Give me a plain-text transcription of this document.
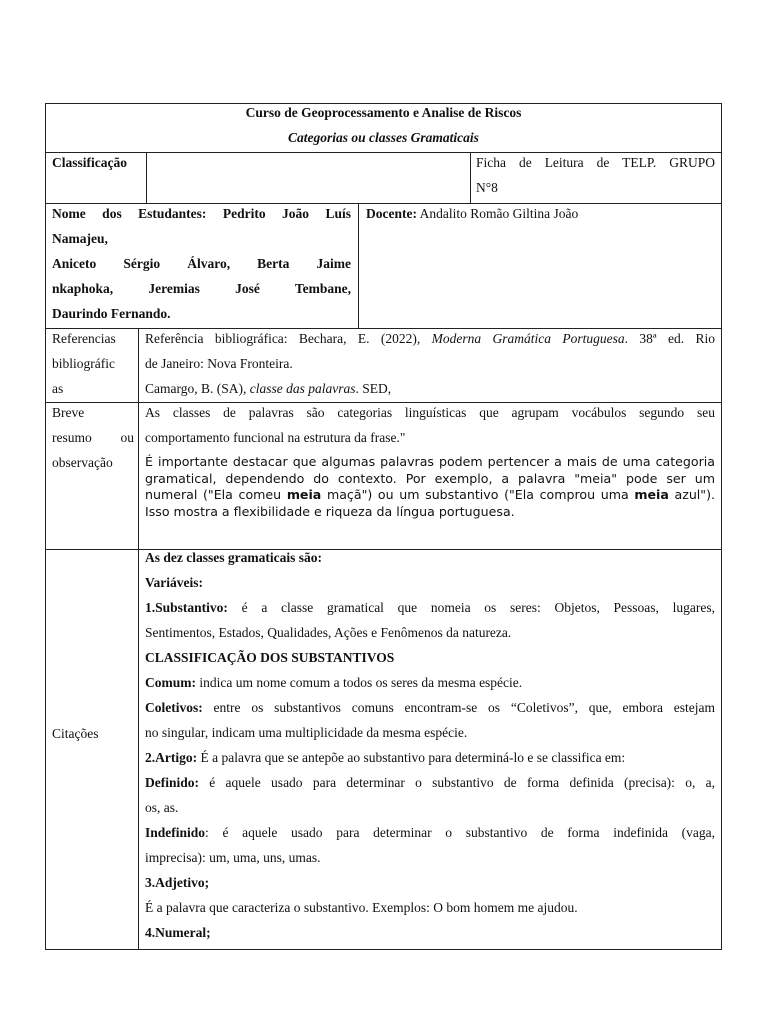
Curso de Geoprocessamento e Analise de Riscos
Categorias ou classes Gramaticais
Classificação	Ficha de Leitura de TELP. GRUPO
N°8
Nome dos Estudantes: Pedrito João Luís
Namajeu,
Aniceto Sérgio Álvaro, Berta Jaime
nkaphoka, Jeremias José Tembane,
Daurindo Fernando.
Docente: Andalito Romão Giltina João
Referencias
bibliográfic
as
Referência bibliográfica: Bechara, E. (2022), Moderna Gramática Portuguesa. 38ª ed. Rio
de Janeiro: Nova Fronteira.
Camargo, B. (SA), classe das palavras. SED,
Breve
resumo ou
observação
As classes de palavras são categorias linguísticas que agrupam vocábulos segundo seu
comportamento funcional na estrutura da frase."

É importante destacar que algumas palavras podem pertencer a mais de uma categoria gramatical, dependendo do contexto. Por exemplo, a palavra "meia" pode ser um numeral ("Ela comeu meia maçã") ou um substantivo ("Ela comprou uma meia azul"). Isso mostra a flexibilidade e riqueza da língua portuguesa.

Citações
As dez classes gramaticais são:
Variáveis:
1.Substantivo: é a classe gramatical que nomeia os seres: Objetos, Pessoas, lugares,
Sentimentos, Estados, Qualidades, Ações e Fenômenos da natureza.
CLASSIFICAÇÃO DOS SUBSTANTIVOS
Comum: indica um nome comum a todos os seres da mesma espécie.
Coletivos: entre os substantivos comuns encontram-se os “Coletivos”, que, embora estejam
no singular, indicam uma multiplicidade da mesma espécie.
2.Artigo: É a palavra que se antepõe ao substantivo para determiná-lo e se classifica em:
Definido: é aquele usado para determinar o substantivo de forma definida (precisa): o, a,
os, as.
Indefinido: é aquele usado para determinar o substantivo de forma indefinida (vaga,
imprecisa): um, uma, uns, umas.
3.Adjetivo;
É a palavra que caracteriza o substantivo. Exemplos: O bom homem me ajudou.
4.Numeral;
